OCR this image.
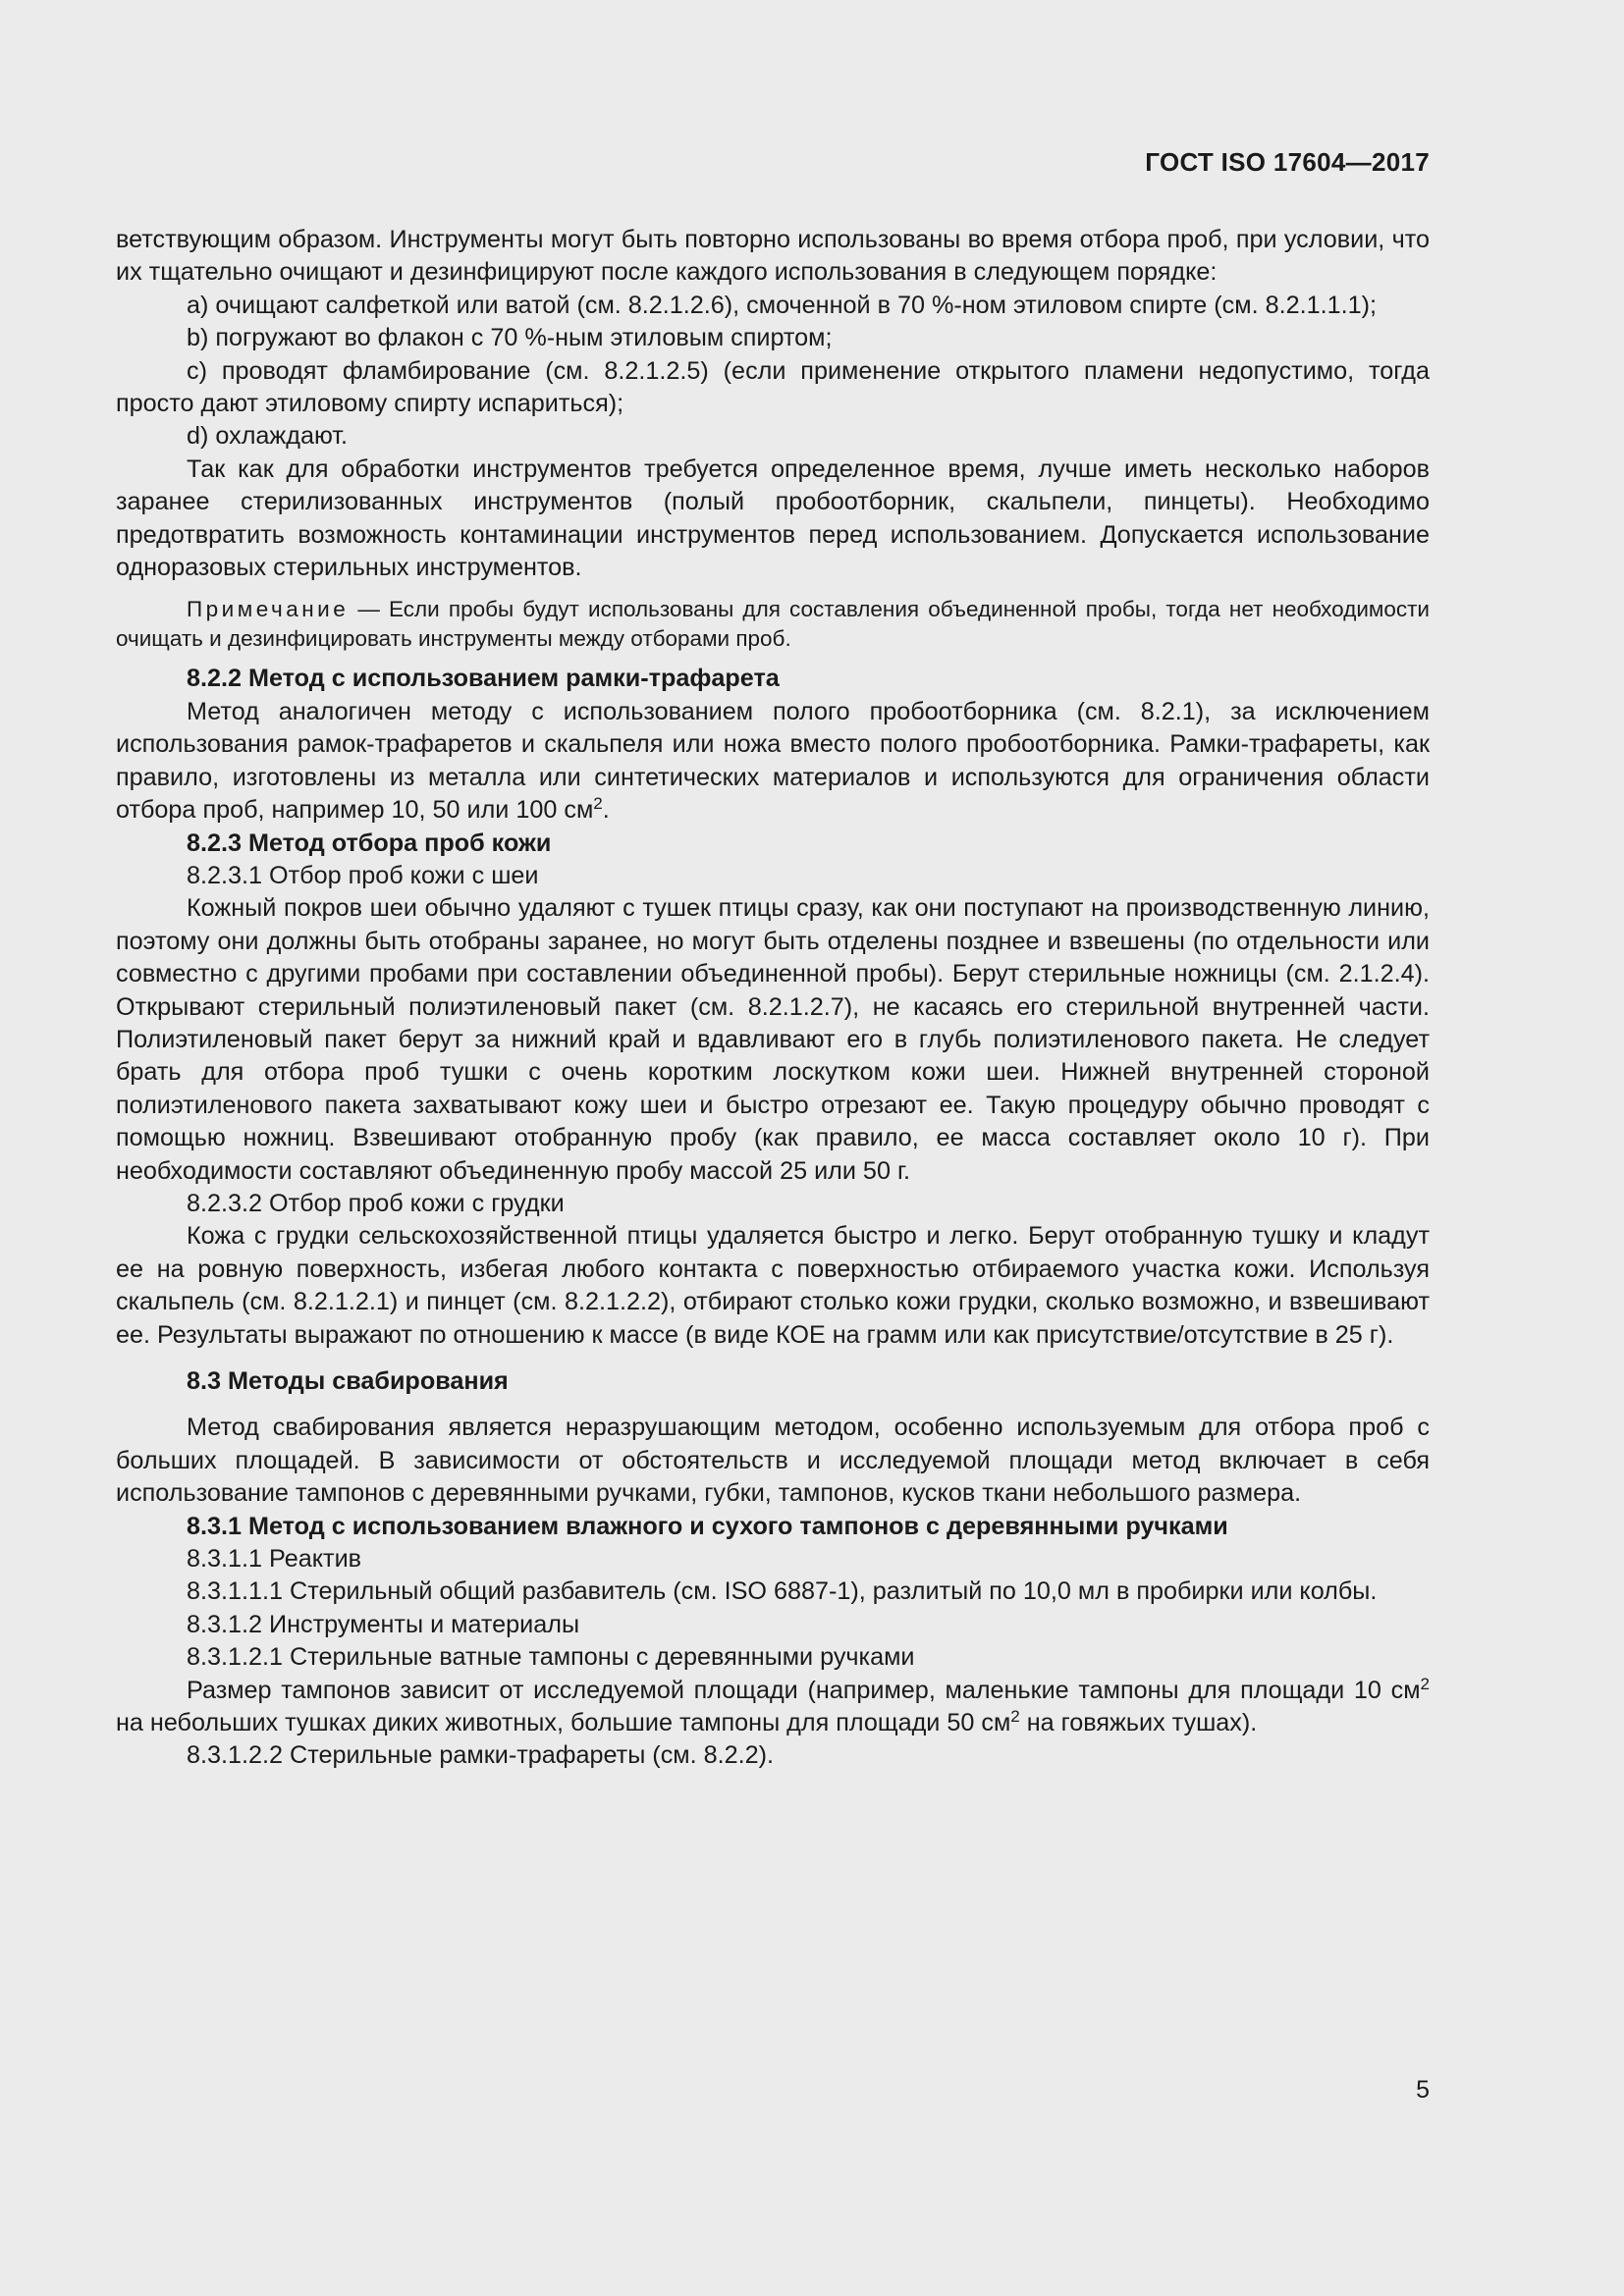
ГОСТ ISO 17604—2017

ветствующим образом. Инструменты могут быть повторно использованы во время отбора проб, при условии, что их тщательно очищают и дезинфицируют после каждого использования в следующем порядке:

a) очищают салфеткой или ватой (см. 8.2.1.2.6), смоченной в 70 %-ном этиловом спирте (см. 8.2.1.1.1);

b) погружают во флакон с 70 %-ным этиловым спиртом;

c) проводят фламбирование (см. 8.2.1.2.5) (если применение открытого пламени недопустимо, тогда просто дают этиловому спирту испариться);

d) охлаждают.

Так как для обработки инструментов требуется определенное время, лучше иметь несколько наборов заранее стерилизованных инструментов (полый пробоотборник, скальпели, пинцеты). Необходимо предотвратить возможность контаминации инструментов перед использованием. Допускается использование одноразовых стерильных инструментов.

Примечание — Если пробы будут использованы для составления объединенной пробы, тогда нет необходимости очищать и дезинфицировать инструменты между отборами проб.

8.2.2 Метод с использованием рамки-трафарета

Метод аналогичен методу с использованием полого пробоотборника (см. 8.2.1), за исключением использования рамок-трафаретов и скальпеля или ножа вместо полого пробоотборника. Рамки-трафареты, как правило, изготовлены из металла или синтетических материалов и используются для ограничения области отбора проб, например 10, 50 или 100 $см^2$.

8.2.3 Метод отбора проб кожи

8.2.3.1 Отбор проб кожи с шеи

Кожный покров шеи обычно удаляют с тушек птицы сразу, как они поступают на производственную линию, поэтому они должны быть отобраны заранее, но могут быть отделены позднее и взвешены (по отдельности или совместно с другими пробами при составлении объединенной пробы). Берут стерильные ножницы (см. 2.1.2.4). Открывают стерильный полиэтиленовый пакет (см. 8.2.1.2.7), не касаясь его стерильной внутренней части. Полиэтиленовый пакет берут за нижний край и вдавливают его в глубь полиэтиленового пакета. Не следует брать для отбора проб тушки с очень коротким лоскутком кожи шеи. Нижней внутренней стороной полиэтиленового пакета захватывают кожу шеи и быстро отрезают ее. Такую процедуру обычно проводят с помощью ножниц. Взвешивают отобранную пробу (как правило, ее масса составляет около 10 г). При необходимости составляют объединенную пробу массой 25 или 50 г.

8.2.3.2 Отбор проб кожи с грудки

Кожа с грудки сельскохозяйственной птицы удаляется быстро и легко. Берут отобранную тушку и кладут ее на ровную поверхность, избегая любого контакта с поверхностью отбираемого участка кожи. Используя скальпель (см. 8.2.1.2.1) и пинцет (см. 8.2.1.2.2), отбирают столько кожи грудки, сколько возможно, и взвешивают ее. Результаты выражают по отношению к массе (в виде КОЕ на грамм или как присутствие/отсутствие в 25 г).

8.3 Методы свабирования

Метод свабирования является неразрушающим методом, особенно используемым для отбора проб с больших площадей. В зависимости от обстоятельств и исследуемой площади метод включает в себя использование тампонов с деревянными ручками, губки, тампонов, кусков ткани небольшого размера.

8.3.1 Метод с использованием влажного и сухого тампонов с деревянными ручками

8.3.1.1 Реактив

8.3.1.1.1 Стерильный общий разбавитель (см. ISO 6887-1), разлитый по 10,0 мл в пробирки или колбы.

8.3.1.2 Инструменты и материалы

8.3.1.2.1 Стерильные ватные тампоны с деревянными ручками

Размер тампонов зависит от исследуемой площади (например, маленькие тампоны для площади 10 $см^2$ на небольших тушках диких животных, большие тампоны для площади 50 $см^2$ на говяжьих тушах).

8.3.1.2.2 Стерильные рамки-трафареты (см. 8.2.2).

5
